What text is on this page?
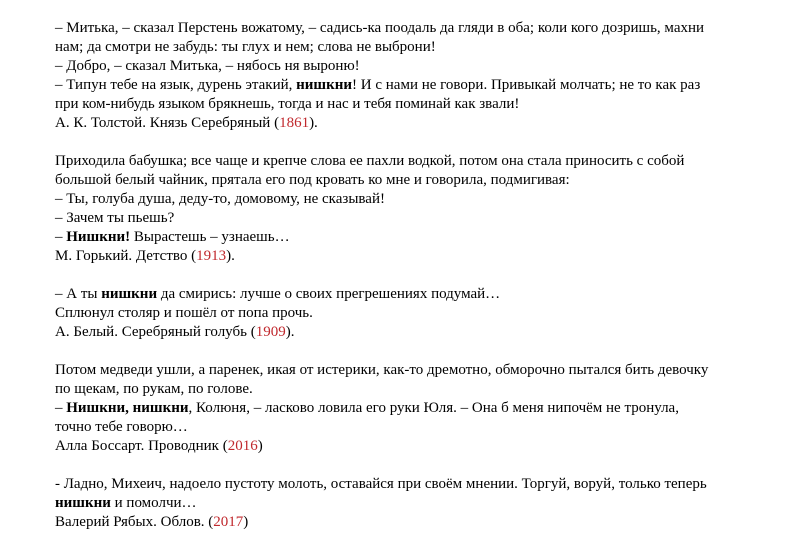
– Митька, – сказал Перстень вожатому, – садись-ка поодаль да гляди в оба; коли кого дозришь, махни
нам; да смотри не забудь: ты глух и нем; слова не выброни!
– Добро, – сказал Митька, – нябось ня выроню!
– Типун тебе на язык, дурень этакий, нишкни! И с нами не говори. Привыкай молчать; не то как раз
при ком-нибудь языком брякнешь, тогда и нас и тебя поминай как звали!
А. К. Толстой. Князь Серебряный (1861).
Приходила бабушка; все чаще и крепче слова ее пахли водкой, потом она стала приносить с собой
большой белый чайник, прятала его под кровать ко мне и говорила, подмигивая:
– Ты, голуба душа, деду-то, домовому, не сказывай!
– Зачем ты пьешь?
– Нишкни! Вырастешь – узнаешь…
М. Горький. Детство (1913).
– А ты нишкни да смирись: лучше о своих прегрешениях подумай…
Сплюнул столяр и пошёл от попа прочь.
А. Белый. Серебряный голубь (1909).
Потом медведи ушли, а паренек, икая от истерики, как-то дремотно, обморочно пытался бить девочку
по щекам, по рукам, по голове.
– Нишкни, нишкни, Колюня, – ласково ловила его руки Юля. – Она б меня нипочём не тронула,
точно тебе говорю…
Алла Боссарт. Проводник (2016)
- Ладно, Михеич, надоело пустоту молоть, оставайся при своём мнении. Торгуй, воруй, только теперь
нишкни и помолчи…
Валерий Рябых. Облов. (2017)
